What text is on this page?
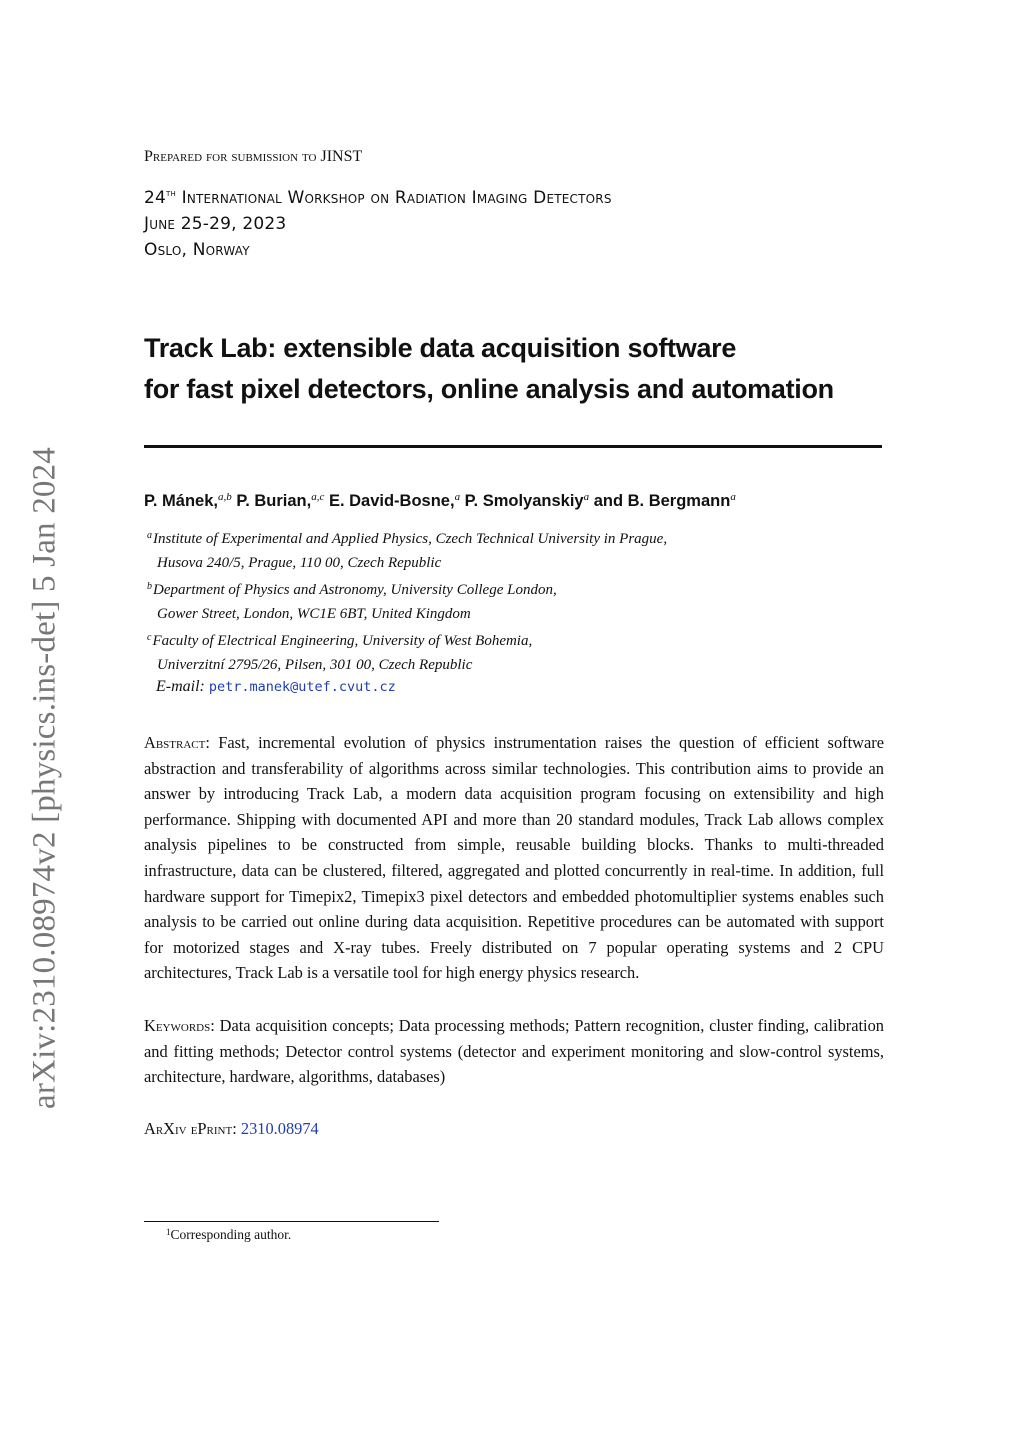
arXiv:2310.08974v2 [physics.ins-det] 5 Jan 2024
Prepared for submission to JINST
24th International Workshop on Radiation Imaging Detectors
June 25-29, 2023
Oslo, Norway
Track Lab: extensible data acquisition software
for fast pixel detectors, online analysis and automation
P. Mánek,$^{a,b}$ P. Burian,$^{a,c}$ E. David-Bosne,$^a$ P. Smolyanskiy$^a$ and B. Bergmann$^a$
$^a$Institute of Experimental and Applied Physics, Czech Technical University in Prague,
Husova 240/5, Prague, 110 00, Czech Republic
$^b$Department of Physics and Astronomy, University College London,
Gower Street, London, WC1E 6BT, United Kingdom
$^c$Faculty of Electrical Engineering, University of West Bohemia,
Univerzitní 2795/26, Pilsen, 301 00, Czech Republic
E-mail: petr.manek@utef.cvut.cz
Abstract: Fast, incremental evolution of physics instrumentation raises the question of efficient software abstraction and transferability of algorithms across similar technologies. This contribution aims to provide an answer by introducing Track Lab, a modern data acquisition program focusing on extensibility and high performance. Shipping with documented API and more than 20 standard modules, Track Lab allows complex analysis pipelines to be constructed from simple, reusable building blocks. Thanks to multi-threaded infrastructure, data can be clustered, filtered, aggregated and plotted concurrently in real-time. In addition, full hardware support for Timepix2, Timepix3 pixel detectors and embedded photomultiplier systems enables such analysis to be carried out online during data acquisition. Repetitive procedures can be automated with support for motorized stages and X-ray tubes. Freely distributed on 7 popular operating systems and 2 CPU architectures, Track Lab is a versatile tool for high energy physics research.
Keywords: Data acquisition concepts; Data processing methods; Pattern recognition, cluster finding, calibration and fitting methods; Detector control systems (detector and experiment monitoring and slow-control systems, architecture, hardware, algorithms, databases)
ArXiv ePrint: 2310.08974
$^1$Corresponding author.
